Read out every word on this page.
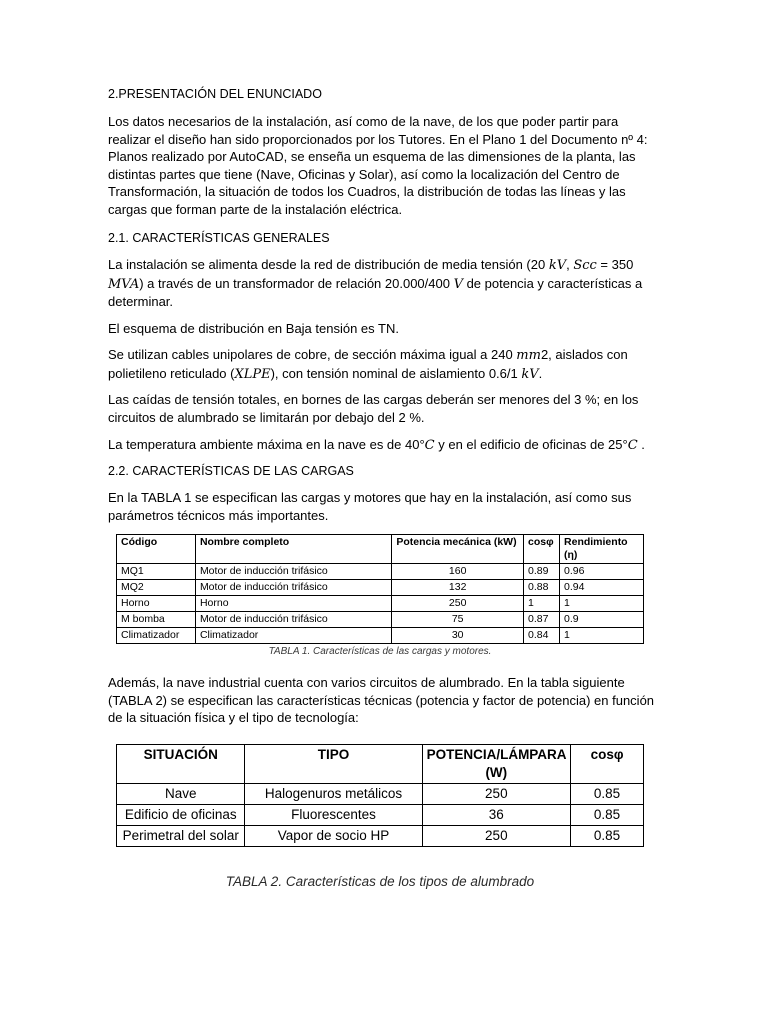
2.PRESENTACIÓN DEL ENUNCIADO

Los datos necesarios de la instalación, así como de la nave, de los que poder partir para realizar el diseño han sido proporcionados por los Tutores. En el Plano 1 del Documento nº 4: Planos realizado por AutoCAD, se enseña un esquema de las dimensiones de la planta, las distintas partes que tiene (Nave, Oficinas y Solar), así como la localización del Centro de Transformación, la situación de todos los Cuadros, la distribución de todas las líneas y las cargas que forman parte de la instalación eléctrica.

2.1. CARACTERÍSTICAS GENERALES

La instalación se alimenta desde la red de distribución de media tensión (20 kV, Scc = 350 MVA) a través de un transformador de relación 20.000/400 V de potencia y características a determinar.

El esquema de distribución en Baja tensión es TN.

Se utilizan cables unipolares de cobre, de sección máxima igual a 240 mm2, aislados con polietileno reticulado (XLPE), con tensión nominal de aislamiento 0.6/1 kV.

Las caídas de tensión totales, en bornes de las cargas deberán ser menores del 3 %; en los circuitos de alumbrado se limitarán por debajo del 2 %.

La temperatura ambiente máxima en la nave es de 40°C y en el edificio de oficinas de 25°C .

2.2. CARACTERÍSTICAS DE LAS CARGAS

En la TABLA 1 se especifican las cargas y motores que hay en la instalación, así como sus parámetros técnicos más importantes.

Código	Nombre completo	Potencia mecánica (kW)	cosφ	Rendimiento (η)
MQ1	Motor de inducción trifásico	160	0.89	0.96
MQ2	Motor de inducción trifásico	132	0.88	0.94
Horno	Horno	250	1	1
M bomba	Motor de inducción trifásico	75	0.87	0.9
Climatizador	Climatizador	30	0.84	1
TABLA 1. Características de las cargas y motores.

Además, la nave industrial cuenta con varios circuitos de alumbrado. En la tabla siguiente (TABLA 2) se especifican las características técnicas (potencia y factor de potencia) en función de la situación física y el tipo de tecnología:

SITUACIÓN	TIPO	POTENCIA/LÁMPARA (W)	cosφ
Nave	Halogenuros metálicos	250	0.85
Edificio de oficinas	Fluorescentes	36	0.85
Perimetral del solar	Vapor de socio HP	250	0.85
TABLA 2. Características de los tipos de alumbrado
